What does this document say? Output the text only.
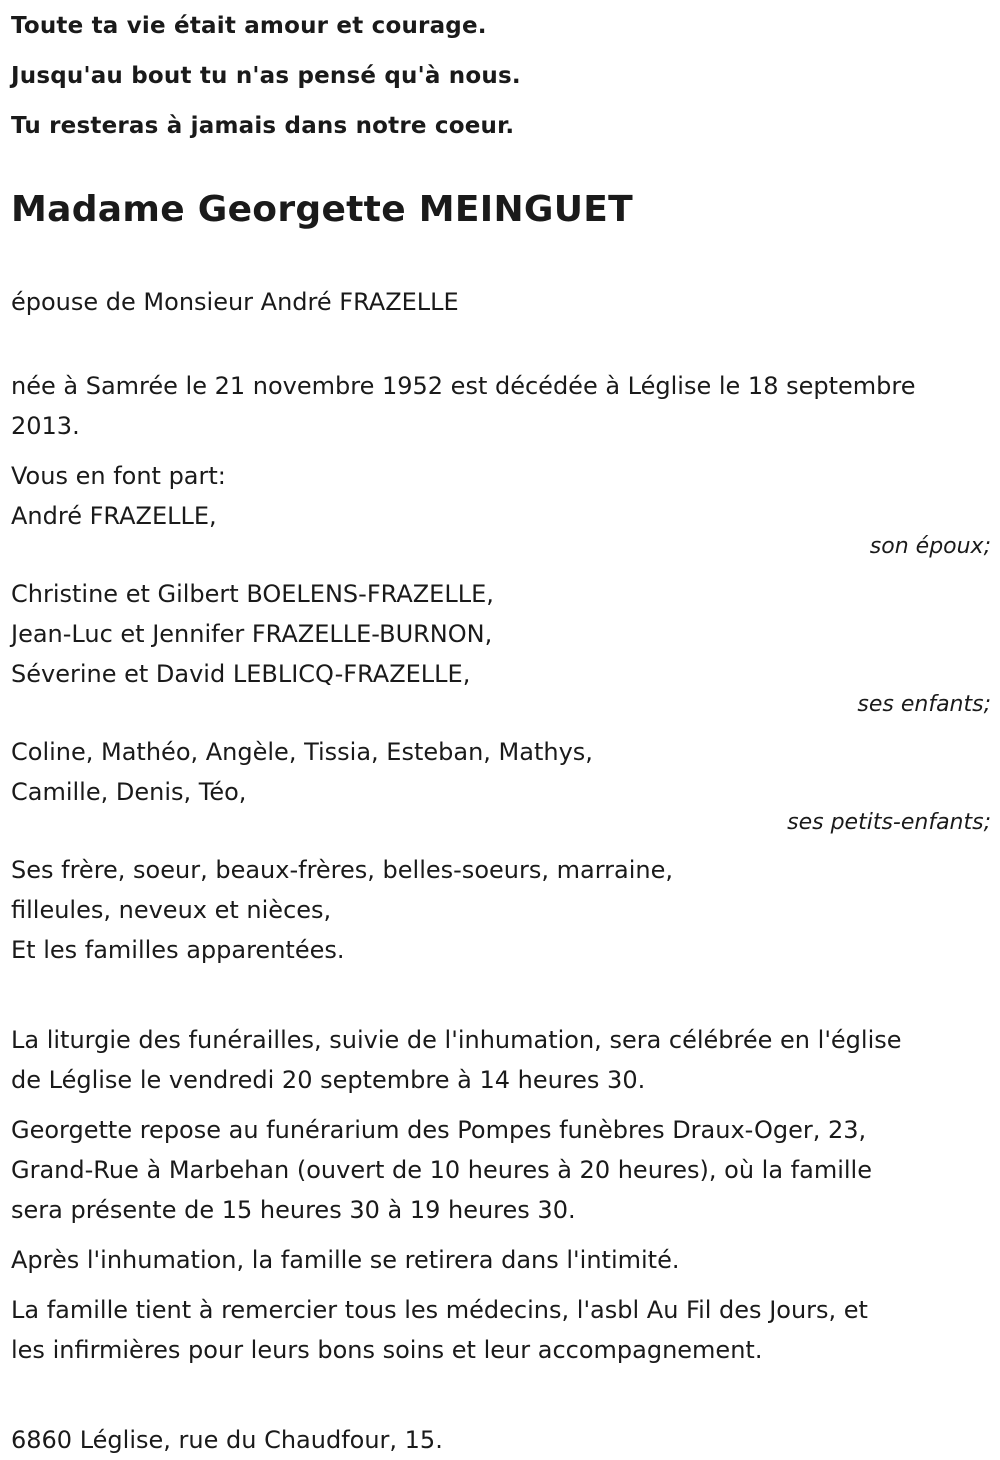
Toute ta vie était amour et courage.
Jusqu'au bout tu n'as pensé qu'à nous.
Tu resteras à jamais dans notre coeur.
Madame Georgette MEINGUET

épouse de Monsieur André FRAZELLE

née à Samrée le 21 novembre 1952 est décédée à Léglise le 18 septembre

2013.

Vous en font part:

André FRAZELLE,

son époux;

Christine et Gilbert BOELENS-FRAZELLE,

Jean-Luc et Jennifer FRAZELLE-BURNON,

Séverine et David LEBLICQ-FRAZELLE,

ses enfants;

Coline, Mathéo, Angèle, Tissia, Esteban, Mathys,

Camille, Denis, Téo,

ses petits-enfants;

Ses frère, soeur, beaux-frères, belles-soeurs, marraine,

filleules, neveux et nièces,

Et les familles apparentées.

La liturgie des funérailles, suivie de l'inhumation, sera célébrée en l'église

de Léglise le vendredi 20 septembre à 14 heures 30.

Georgette repose au funérarium des Pompes funèbres Draux-Oger, 23,

Grand-Rue à Marbehan (ouvert de 10 heures à 20 heures), où la famille

sera présente de 15 heures 30 à 19 heures 30.

Après l'inhumation, la famille se retirera dans l'intimité.

La famille tient à remercier tous les médecins, l'asbl Au Fil des Jours, et

les infirmières pour leurs bons soins et leur accompagnement.

6860 Léglise, rue du Chaudfour, 15.
